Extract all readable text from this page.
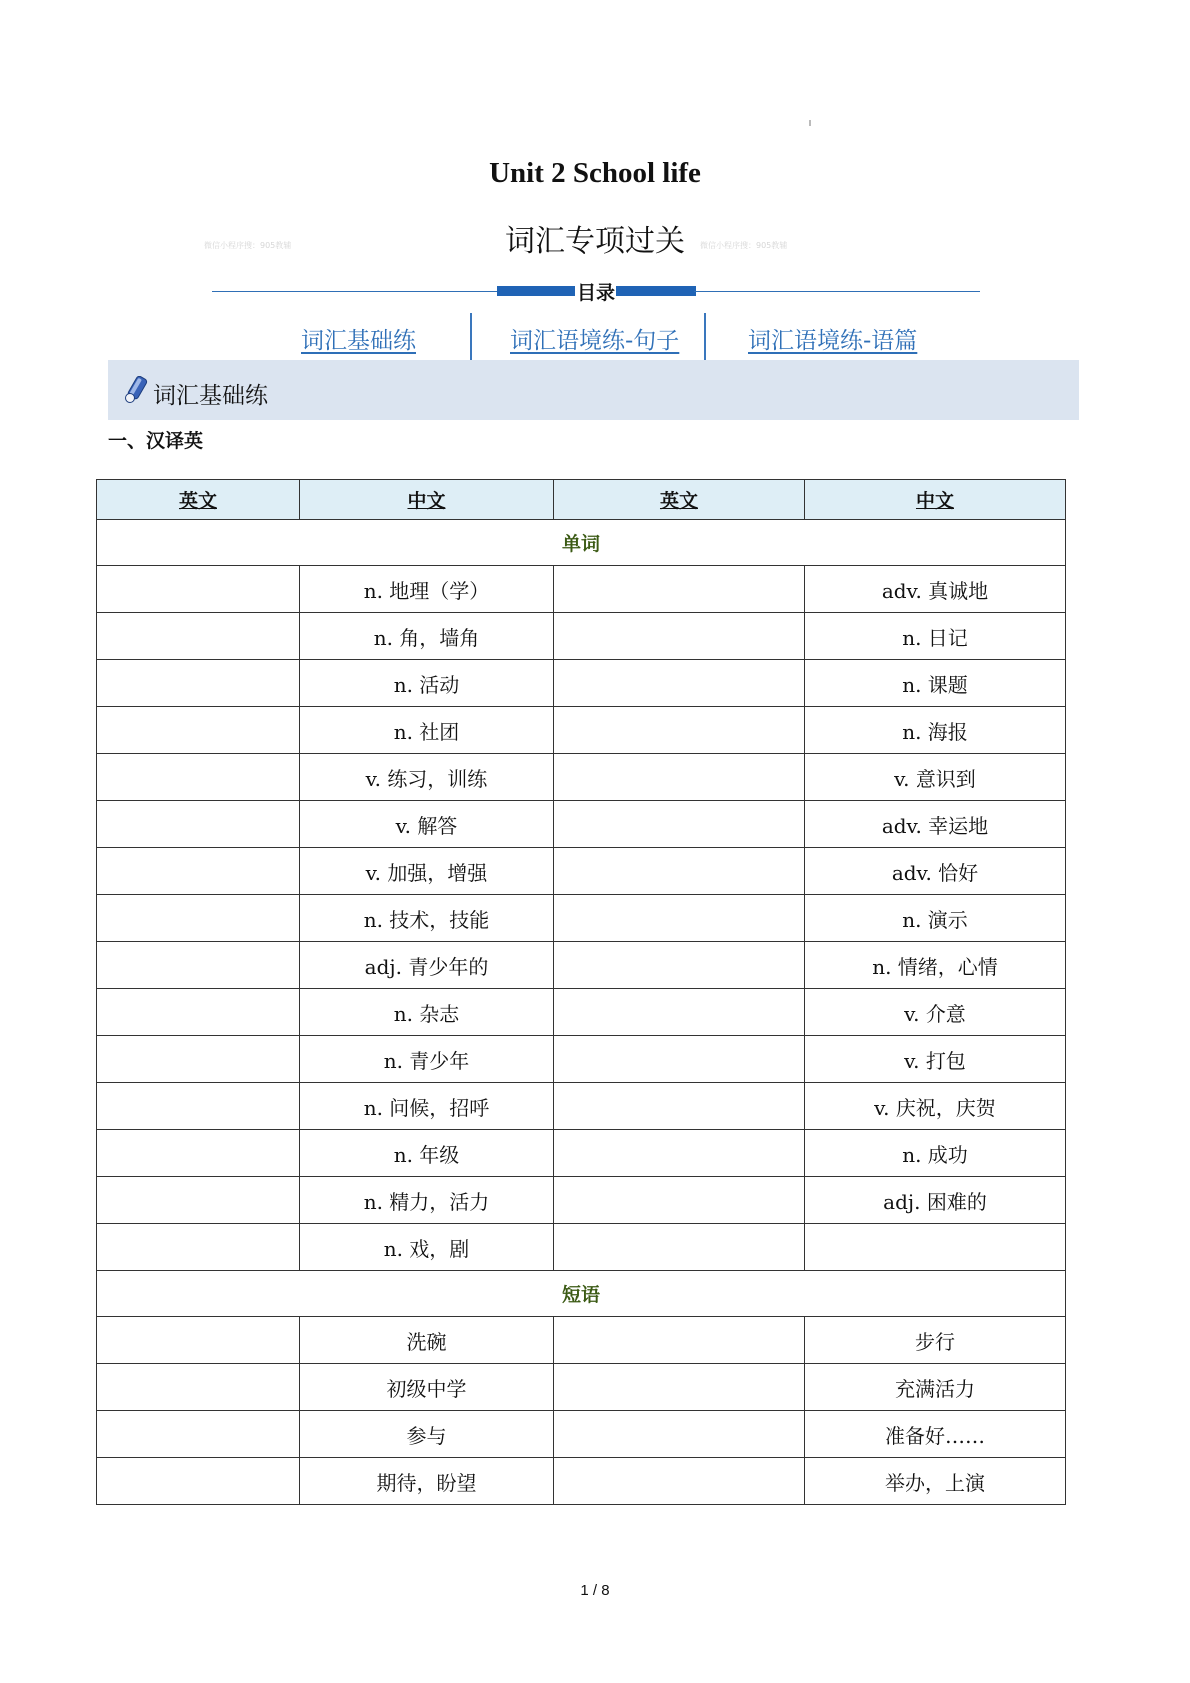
Unit 2 School life
词汇专项过关
微信小程序搜：905教辅	微信小程序搜：905教辅
目录
词汇基础练	词汇语境练-句子	词汇语境练-语篇
词汇基础练
一、汉译英
英文	中文	英文	中文
单词			
	n. 地理（学）		adv. 真诚地
	n. 角，墙角		n. 日记
	n. 活动		n. 课题
	n. 社团		n. 海报
	v. 练习，训练		v. 意识到
	v. 解答		adv. 幸运地
	v. 加强，增强		adv. 恰好
	n. 技术，技能		n. 演示
	adj. 青少年的		n. 情绪，心情
	n. 杂志		v. 介意
	n. 青少年		v. 打包
	n. 问候，招呼		v. 庆祝，庆贺
	n. 年级		n. 成功
	n. 精力，活力		adj. 困难的
	n. 戏，剧		
短语			
	洗碗		步行
	初级中学		充满活力
	参与		准备好……
	期待，盼望		举办，上演
1 / 8
